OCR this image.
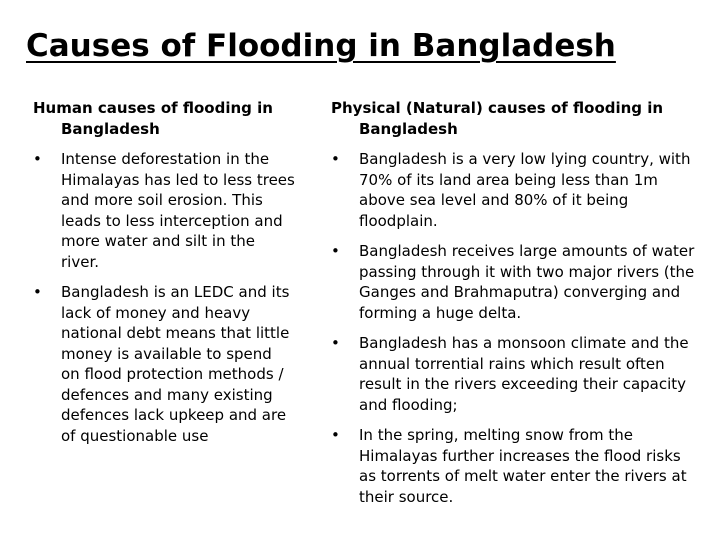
Causes of Flooding in Bangladesh
Human causes of flooding in Bangladesh
•	Intense deforestation in the Himalayas has led to less trees and more soil erosion. This leads to less interception and more water and silt in the river.
•	Bangladesh is an LEDC and its lack of money and heavy national debt means that little money is available to spend on flood protection methods / defences and many existing defences lack upkeep and are of questionable use
Physical (Natural) causes of flooding in Bangladesh
•	Bangladesh is a very low lying country, with 70% of its land area being less than 1m above sea level and 80% of it being floodplain.
•	Bangladesh receives large amounts of water passing through it with two major rivers (the Ganges and Brahmaputra) converging and forming a huge delta.
•	Bangladesh has a monsoon climate and the annual torrential rains which result often result in the rivers exceeding their capacity and flooding;
•	In the spring, melting snow from the Himalayas further increases the flood risks as torrents of melt water enter the rivers at their source.
